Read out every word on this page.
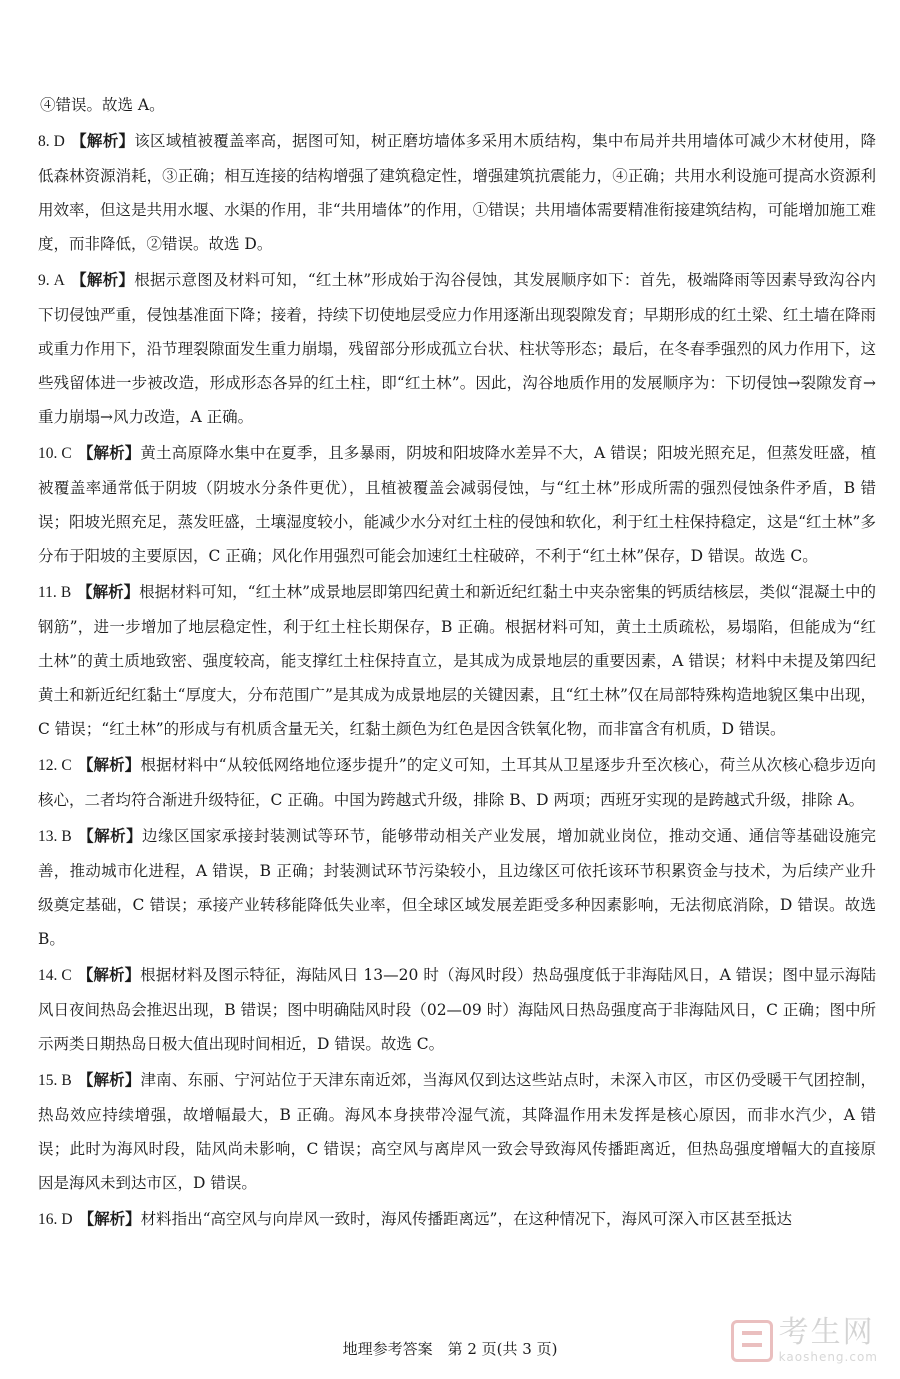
④错误。故选 A。
8. D 【解析】该区域植被覆盖率高，据图可知，树正磨坊墙体多采用木质结构，集中布局并共用墙体可减少木材使用，降低森林资源消耗，③正确；相互连接的结构增强了建筑稳定性，增强建筑抗震能力，④正确；共用水利设施可提高水资源利用效率，但这是共用水堰、水渠的作用，非“共用墙体”的作用，①错误；共用墙体需要精准衔接建筑结构，可能增加施工难度，而非降低，②错误。故选 D。
9. A 【解析】根据示意图及材料可知，“红土林”形成始于沟谷侵蚀，其发展顺序如下：首先，极端降雨等因素导致沟谷内下切侵蚀严重，侵蚀基准面下降；接着，持续下切使地层受应力作用逐渐出现裂隙发育；早期形成的红土梁、红土墙在降雨或重力作用下，沿节理裂隙面发生重力崩塌，残留部分形成孤立台状、柱状等形态；最后，在冬春季强烈的风力作用下，这些残留体进一步被改造，形成形态各异的红土柱，即“红土林”。因此，沟谷地质作用的发展顺序为：下切侵蚀→裂隙发育→重力崩塌→风力改造，A 正确。
10. C 【解析】黄土高原降水集中在夏季，且多暴雨，阴坡和阳坡降水差异不大，A 错误；阳坡光照充足，但蒸发旺盛，植被覆盖率通常低于阴坡（阴坡水分条件更优），且植被覆盖会减弱侵蚀，与“红土林”形成所需的强烈侵蚀条件矛盾，B 错误；阳坡光照充足，蒸发旺盛，土壤湿度较小，能减少水分对红土柱的侵蚀和软化，利于红土柱保持稳定，这是“红土林”多分布于阳坡的主要原因，C 正确；风化作用强烈可能会加速红土柱破碎，不利于“红土林”保存，D 错误。故选 C。
11. B 【解析】根据材料可知，“红土林”成景地层即第四纪黄土和新近纪红黏土中夹杂密集的钙质结核层，类似“混凝土中的钢筋”，进一步增加了地层稳定性，利于红土柱长期保存，B 正确。根据材料可知，黄土土质疏松，易塌陷，但能成为“红土林”的黄土质地致密、强度较高，能支撑红土柱保持直立，是其成为成景地层的重要因素，A 错误；材料中未提及第四纪黄土和新近纪红黏土“厚度大，分布范围广”是其成为成景地层的关键因素，且“红土林”仅在局部特殊构造地貌区集中出现，C 错误；“红土林”的形成与有机质含量无关，红黏土颜色为红色是因含铁氧化物，而非富含有机质，D 错误。
12. C 【解析】根据材料中“从较低网络地位逐步提升”的定义可知，土耳其从卫星逐步升至次核心，荷兰从次核心稳步迈向核心，二者均符合渐进升级特征，C 正确。中国为跨越式升级，排除 B、D 两项；西班牙实现的是跨越式升级，排除 A。
13. B 【解析】边缘区国家承接封装测试等环节，能够带动相关产业发展，增加就业岗位，推动交通、通信等基础设施完善，推动城市化进程，A 错误，B 正确；封装测试环节污染较小，且边缘区可依托该环节积累资金与技术，为后续产业升级奠定基础，C 错误；承接产业转移能降低失业率，但全球区域发展差距受多种因素影响，无法彻底消除，D 错误。故选 B。
14. C 【解析】根据材料及图示特征，海陆风日 13—20 时（海风时段）热岛强度低于非海陆风日，A 错误；图中显示海陆风日夜间热岛会推迟出现，B 错误；图中明确陆风时段（02—09 时）海陆风日热岛强度高于非海陆风日，C 正确；图中所示两类日期热岛日极大值出现时间相近，D 错误。故选 C。
15. B 【解析】津南、东丽、宁河站位于天津东南近郊，当海风仅到达这些站点时，未深入市区，市区仍受暖干气团控制，热岛效应持续增强，故增幅最大，B 正确。海风本身挟带冷湿气流，其降温作用未发挥是核心原因，而非水汽少，A 错误；此时为海风时段，陆风尚未影响，C 错误；高空风与离岸风一致会导致海风传播距离近，但热岛强度增幅大的直接原因是海风未到达市区，D 错误。
16. D 【解析】材料指出“高空风与向岸风一致时，海风传播距离远”，在这种情况下，海风可深入市区甚至抵达
地理参考答案　第 2 页(共 3 页)	考生网
kaosheng.com
